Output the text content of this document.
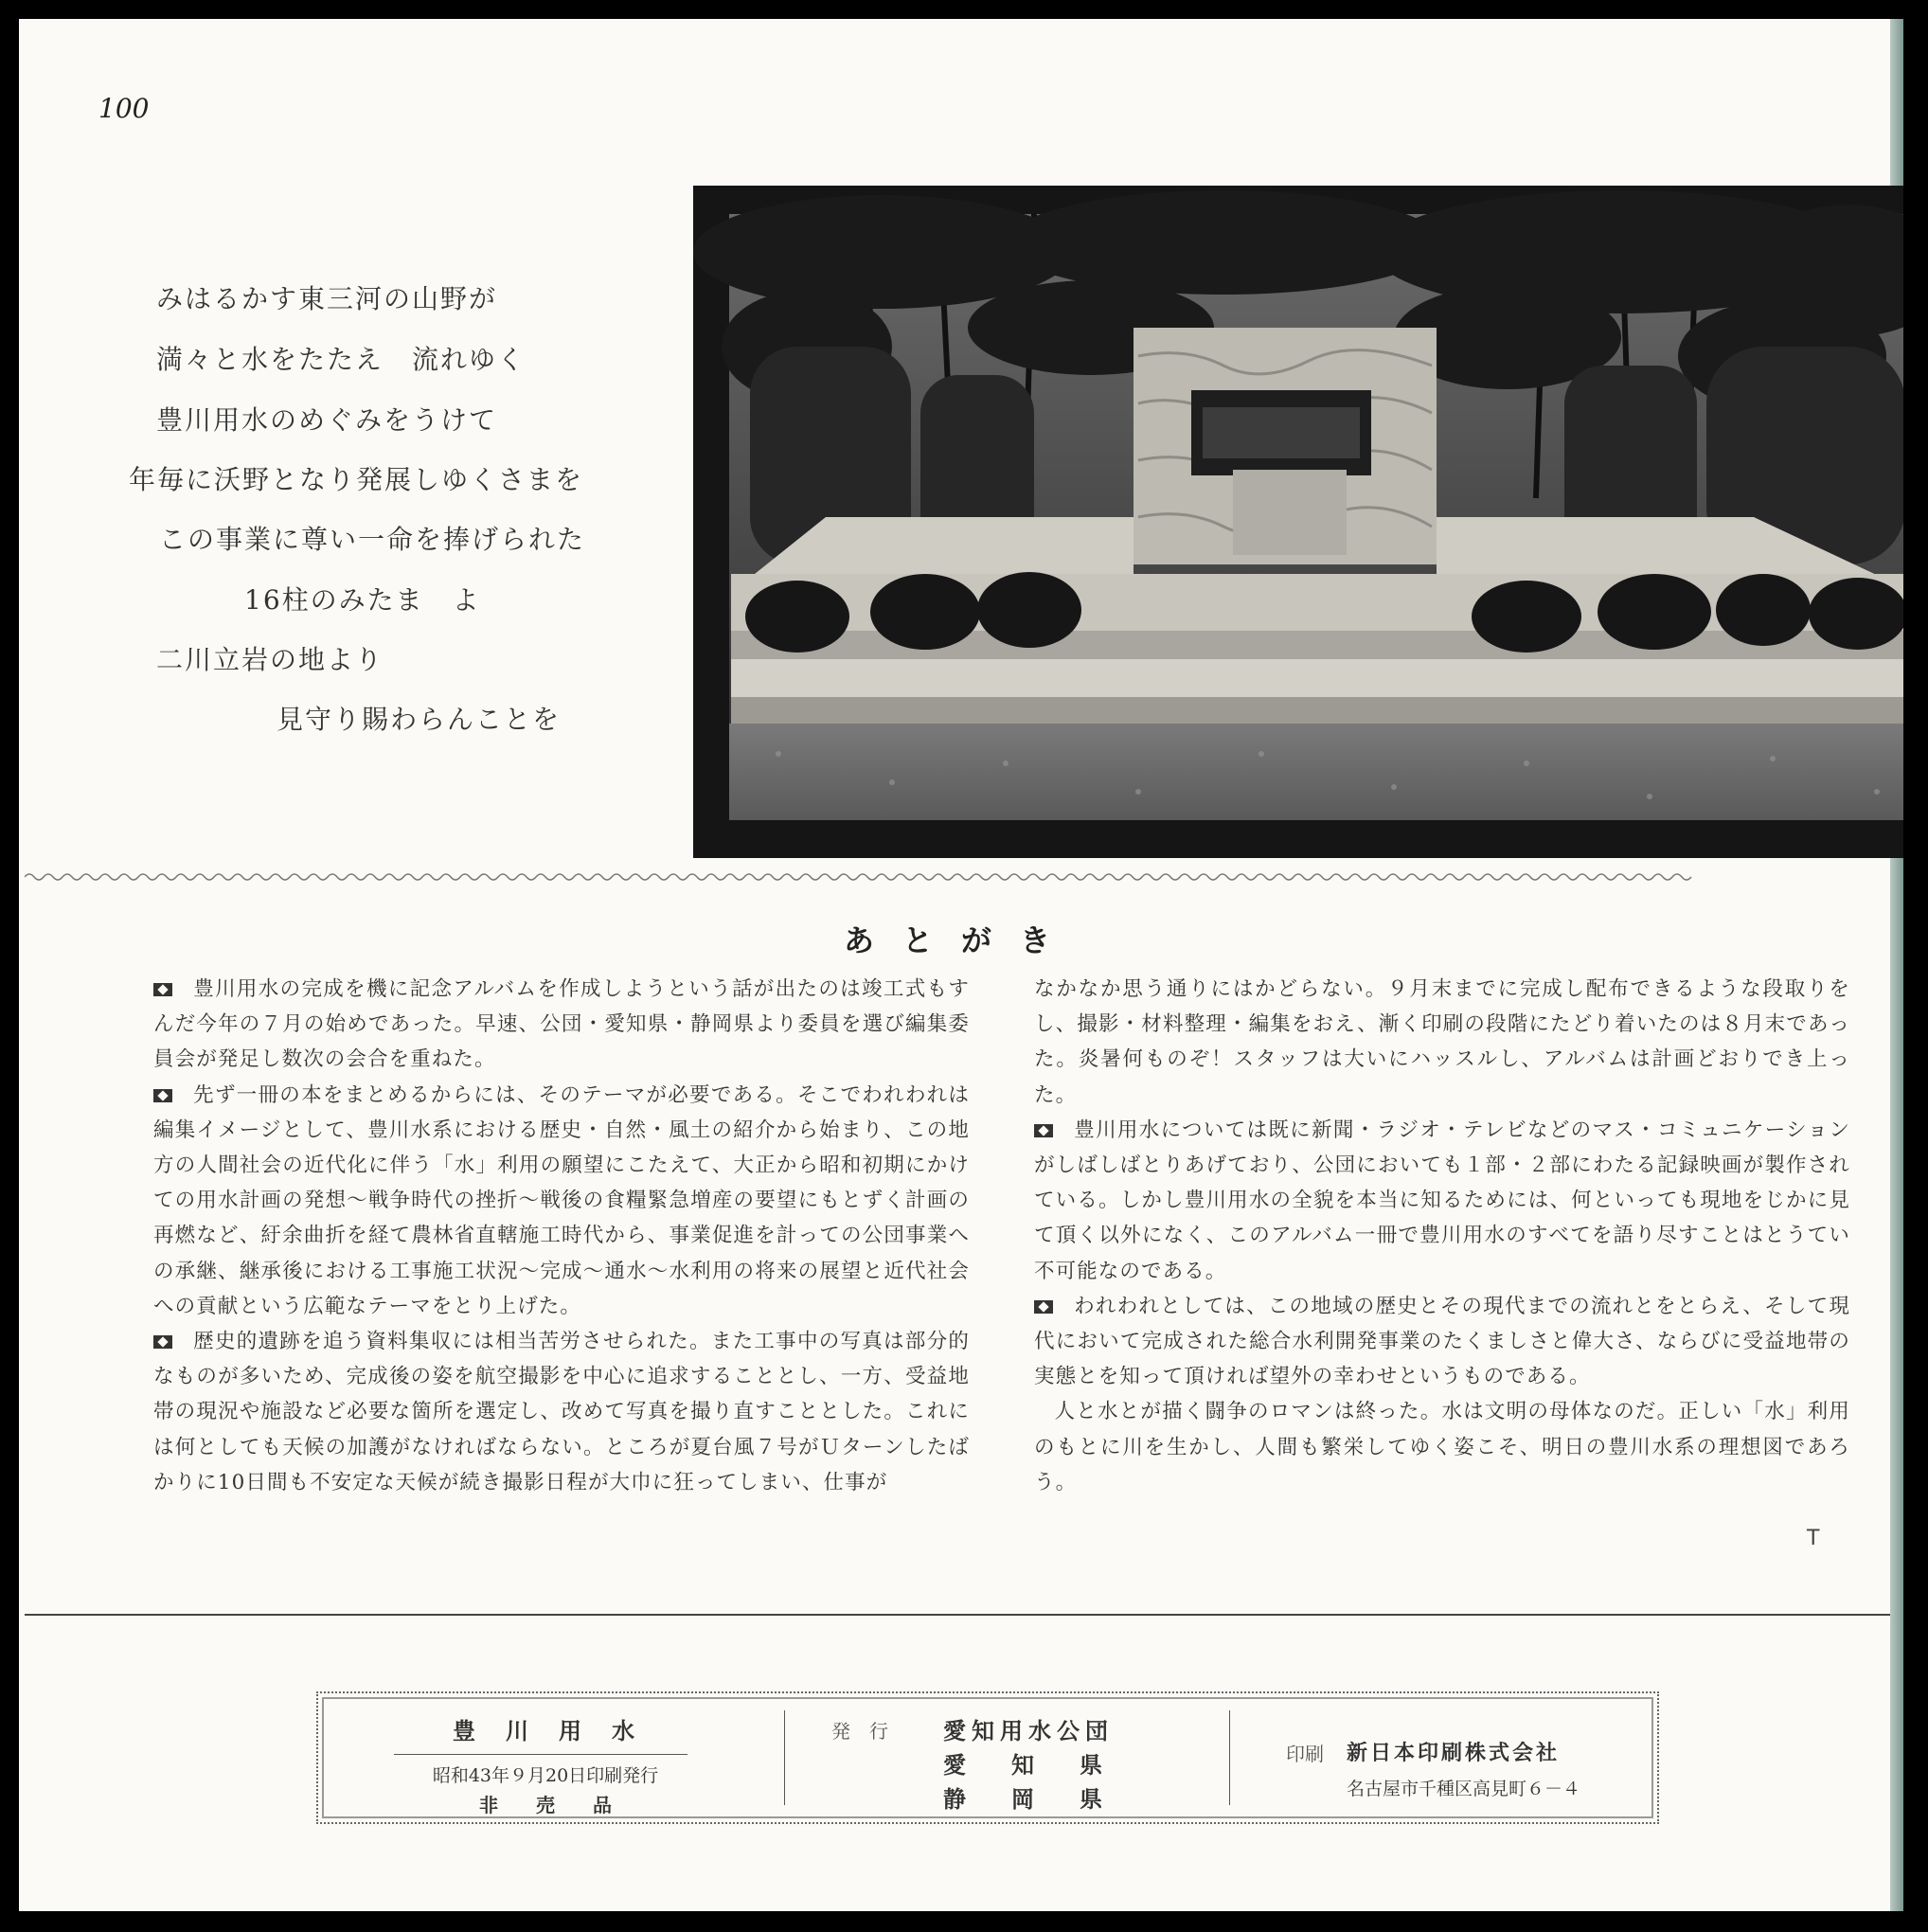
100
みはるかす東三河の山野が
満々と水をたたえ　流れゆく
豊川用水のめぐみをうけて
年毎に沃野となり発展しゆくさまを
この事業に尊い一命を捧げられた
16柱のみたま　よ
二川立岩の地より
見守り賜わらんことを
あとがき

豊川用水の完成を機に記念アルバムを作成しようという話が出たのは竣工式もすんだ今年の７月の始めであった。早速、公団・愛知県・静岡県より委員を選び編集委員会が発足し数次の会合を重ねた。

先ず一冊の本をまとめるからには、そのテーマが必要である。そこでわれわれは編集イメージとして、豊川水系における歴史・自然・風土の紹介から始まり、この地方の人間社会の近代化に伴う「水」利用の願望にこたえて、大正から昭和初期にかけての用水計画の発想〜戦争時代の挫折〜戦後の食糧緊急増産の要望にもとずく計画の再燃など、紆余曲折を経て農林省直轄施工時代から、事業促進を計っての公団事業への承継、継承後における工事施工状況〜完成〜通水〜水利用の将来の展望と近代社会への貢献という広範なテーマをとり上げた。

歴史的遺跡を追う資料集収には相当苦労させられた。また工事中の写真は部分的なものが多いため、完成後の姿を航空撮影を中心に追求することとし、一方、受益地帯の現況や施設など必要な箇所を選定し、改めて写真を撮り直すこととした。これには何としても天候の加護がなければならない。ところが夏台風７号がＵターンしたばかりに10日間も不安定な天候が続き撮影日程が大巾に狂ってしまい、仕事が

なかなか思う通りにはかどらない。９月末までに完成し配布できるような段取りをし、撮影・材料整理・編集をおえ、漸く印刷の段階にたどり着いたのは８月末であった。炎暑何ものぞ！スタッフは大いにハッスルし、アルバムは計画どおりでき上った。

豊川用水については既に新聞・ラジオ・テレビなどのマス・コミュニケーションがしばしばとりあげており、公団においても１部・２部にわたる記録映画が製作されている。しかし豊川用水の全貌を本当に知るためには、何といっても現地をじかに見て頂く以外になく、このアルバム一冊で豊川用水のすべてを語り尽すことはとうてい不可能なのである。

われわれとしては、この地域の歴史とその現代までの流れとをとらえ、そして現代において完成された総合水利開発事業のたくましさと偉大さ、ならびに受益地帯の実態とを知って頂ければ望外の幸わせというものである。

人と水とが描く闘争のロマンは終った。水は文明の母体なのだ。正しい「水」利用のもとに川を生かし、人間も繁栄してゆく姿こそ、明日の豊川水系の理想図であろう。

T
豊　川　用　水
昭和43年９月20日印刷発行
非　　売　　品
発　行 愛知用水公団
愛　　知　　県
静　　岡　　県
印刷 新日本印刷株式会社
名古屋市千種区高見町６－４
